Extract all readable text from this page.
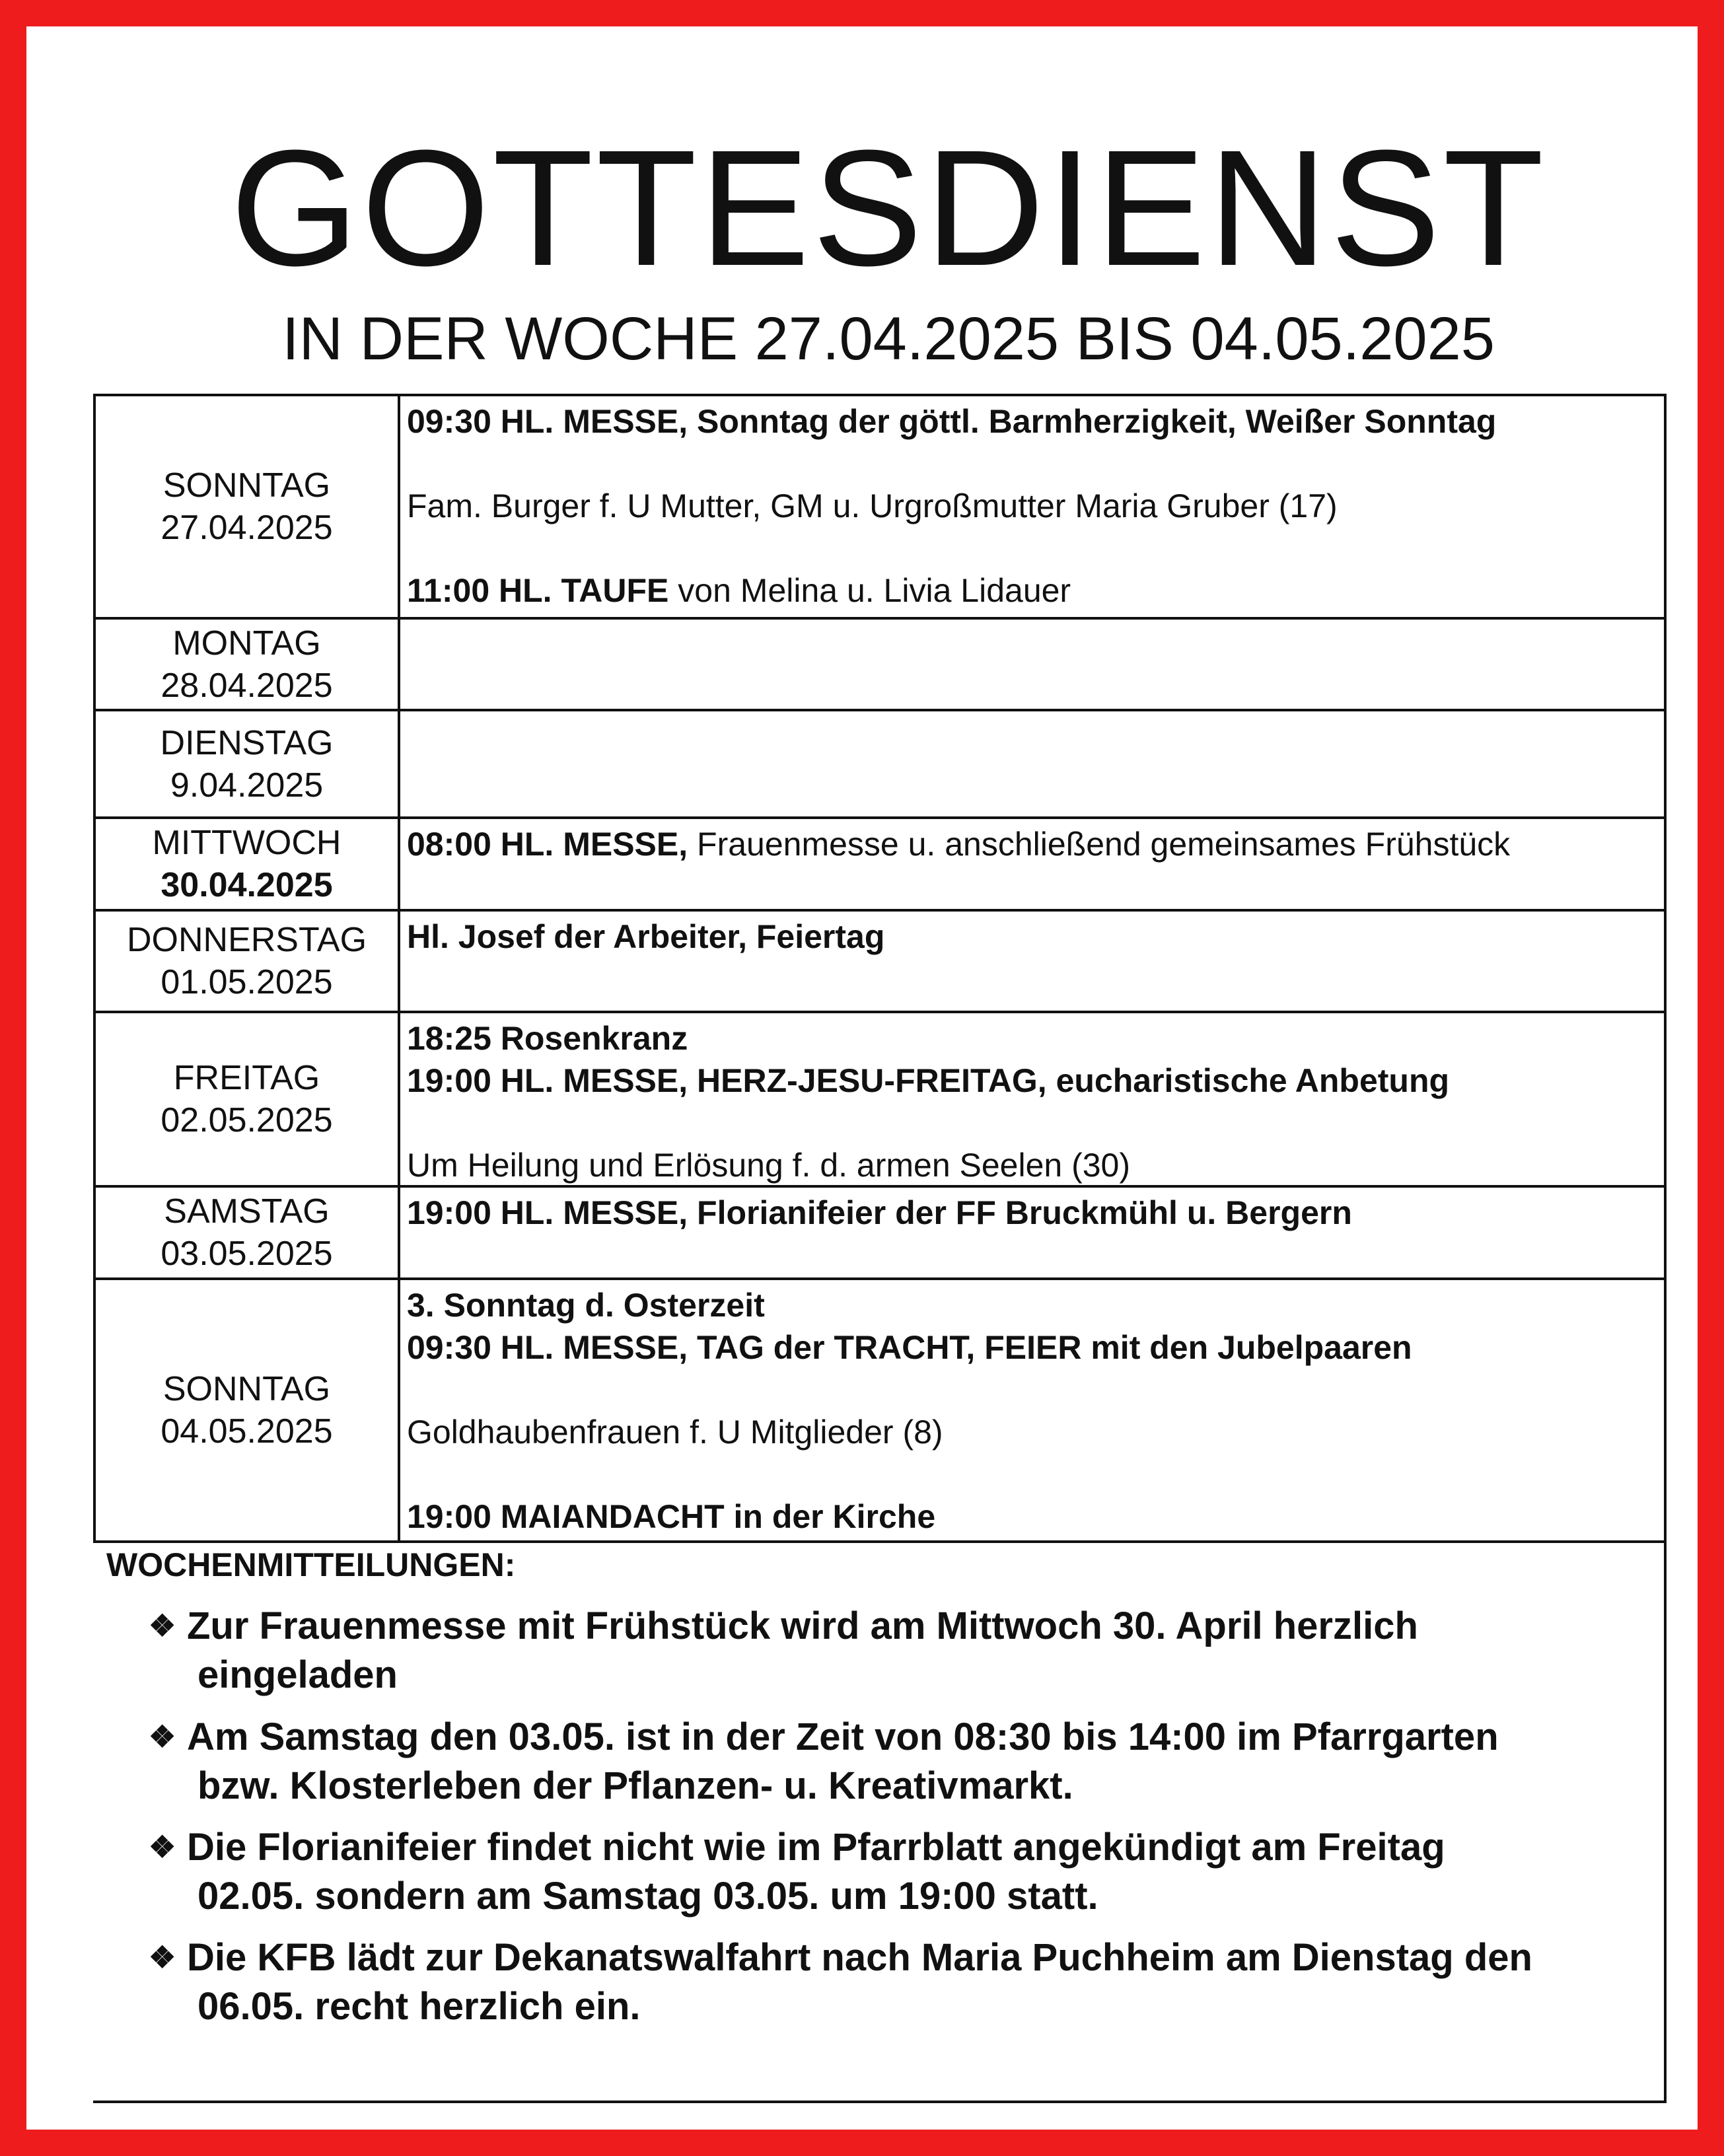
GOTTESDIENST
IN DER WOCHE 27.04.2025 BIS 04.05.2025
SONNTAG
27.04.2025
09:30 HL. MESSE, Sonntag der göttl. Barmherzigkeit, Weißer Sonntag
Fam. Burger f. U Mutter, GM u. Urgroßmutter Maria Gruber (17)
11:00 HL. TAUFE von Melina u. Livia Lidauer
MONTAG
28.04.2025
DIENSTAG
9.04.2025
MITTWOCH
30.04.2025
08:00 HL. MESSE, Frauenmesse u. anschließend gemeinsames Frühstück
DONNERSTAG
01.05.2025
Hl. Josef der Arbeiter, Feiertag
FREITAG
02.05.2025
18:25 Rosenkranz
19:00 HL. MESSE, HERZ-JESU-FREITAG, eucharistische Anbetung
Um Heilung und Erlösung f. d. armen Seelen (30)
SAMSTAG
03.05.2025
19:00 HL. MESSE, Florianifeier der FF Bruckmühl u. Bergern
SONNTAG
04.05.2025
3. Sonntag d. Osterzeit
09:30 HL. MESSE, TAG der TRACHT, FEIER mit den Jubelpaaren
Goldhaubenfrauen f. U Mitglieder (8)
19:00 MAIANDACHT in der Kirche
WOCHENMITTEILUNGEN:
❖ Zur Frauenmesse mit Frühstück wird am Mittwoch 30. April herzlich
eingeladen
❖ Am Samstag den 03.05. ist in der Zeit von 08:30 bis 14:00 im Pfarrgarten
bzw. Klosterleben der Pflanzen- u. Kreativmarkt.
❖ Die Florianifeier findet nicht wie im Pfarrblatt angekündigt am Freitag
02.05. sondern am Samstag 03.05. um 19:00 statt.
❖ Die KFB lädt zur Dekanatswalfahrt nach Maria Puchheim am Dienstag den
06.05. recht herzlich ein.
